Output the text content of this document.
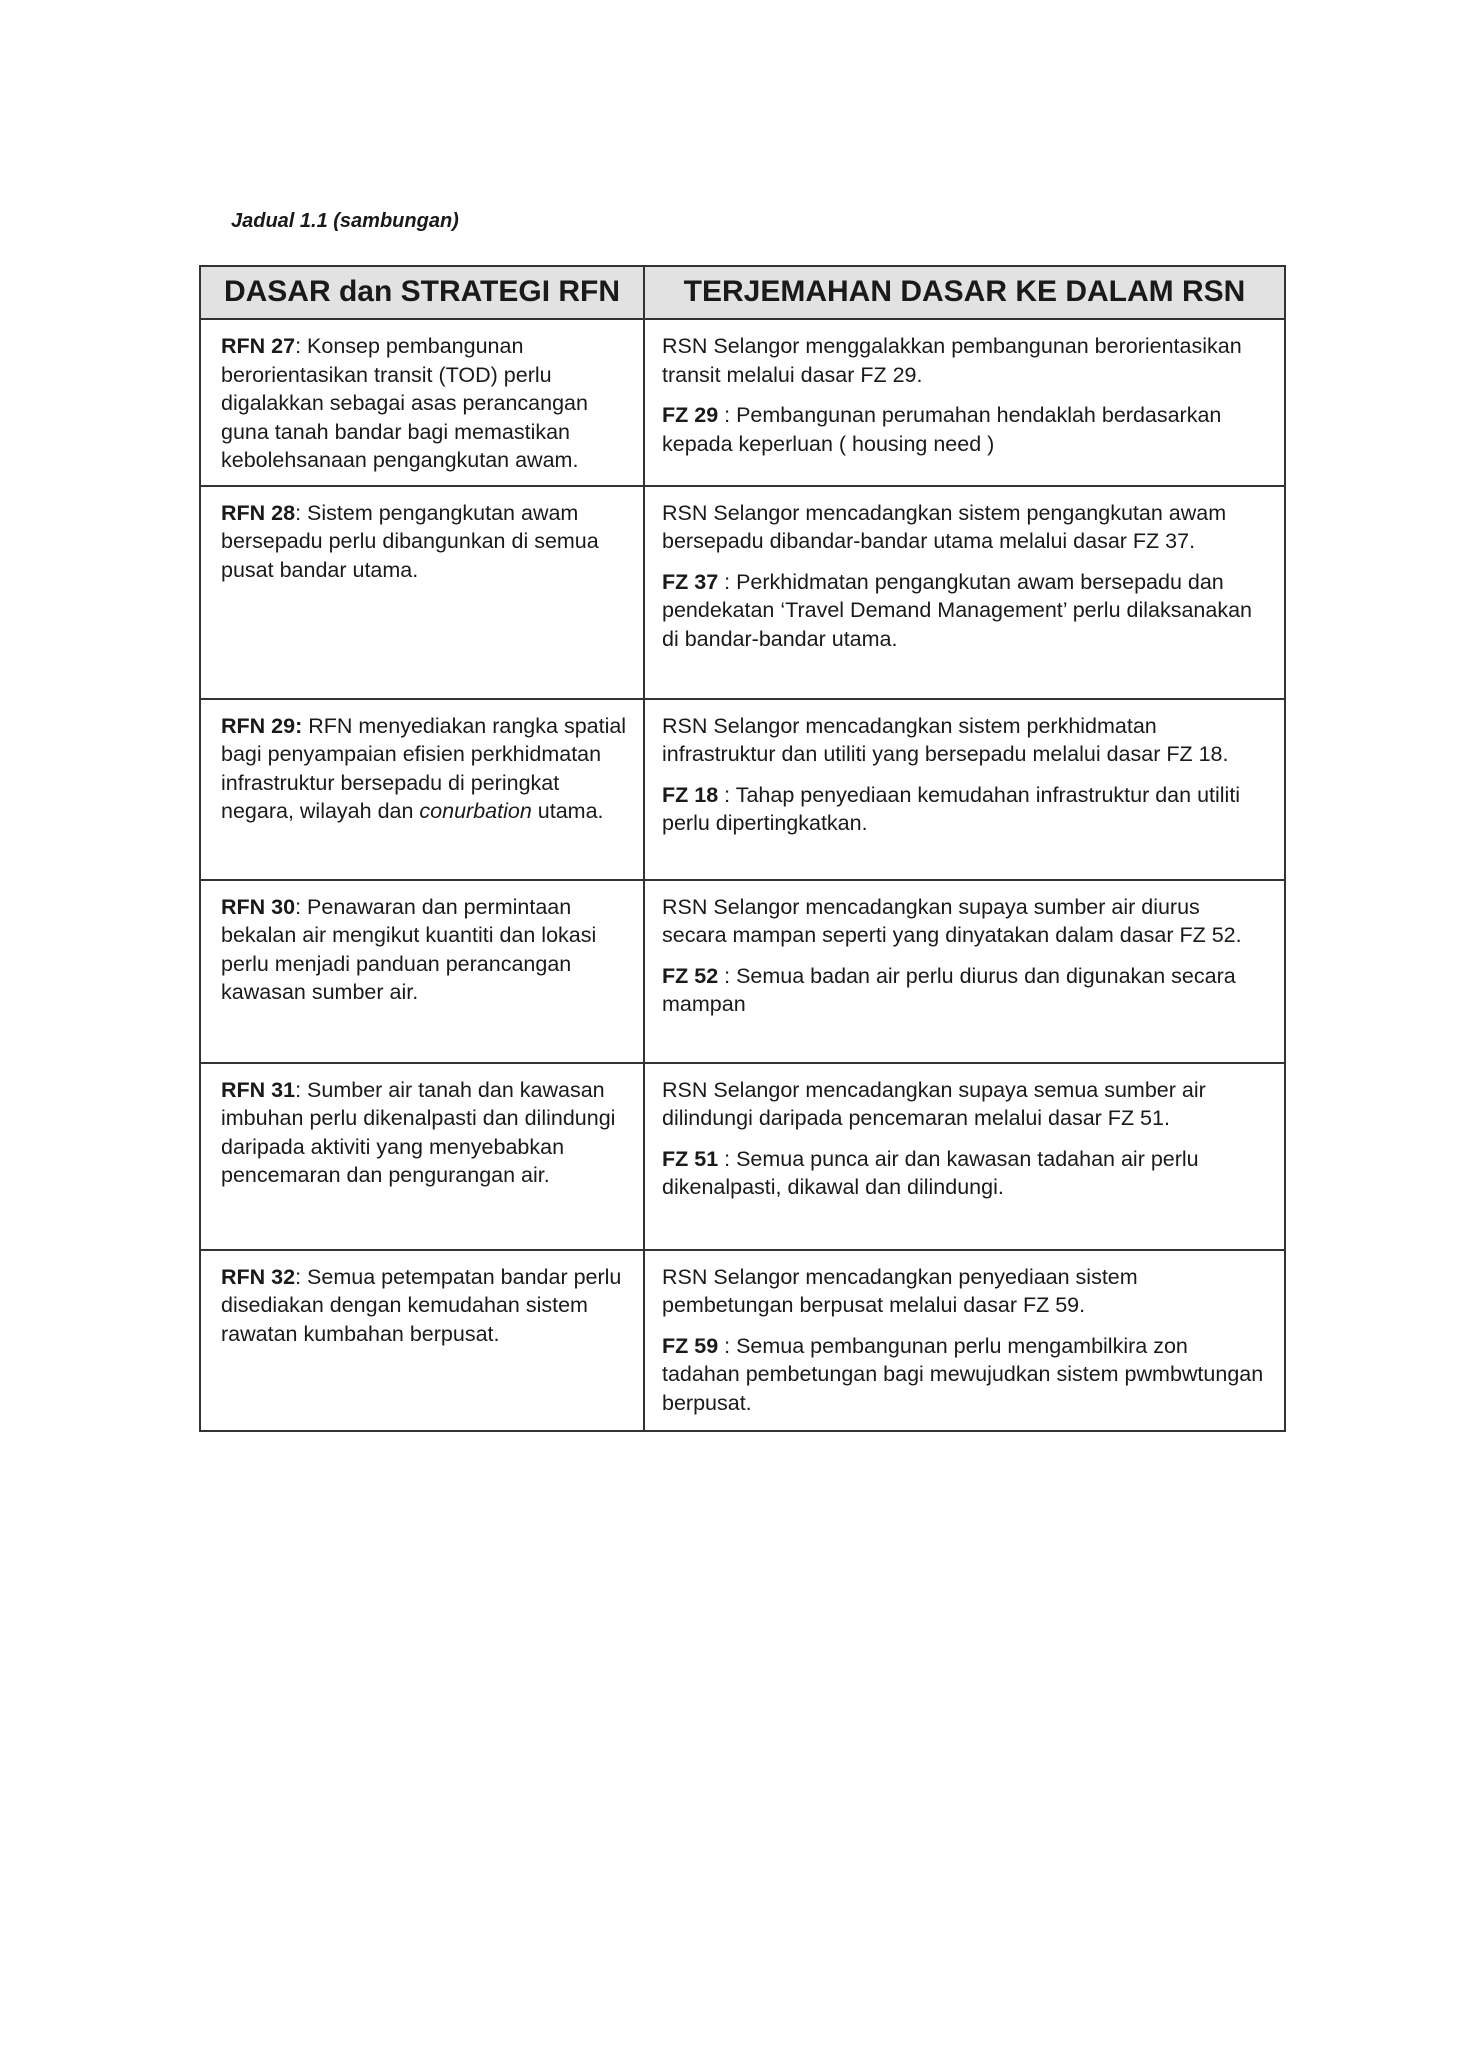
Jadual 1.1 (sambungan)
DASAR dan STRATEGI RFN	TERJEMAHAN DASAR KE DALAM RSN

RFN 27: Konsep pembangunan berorientasikan transit (TOD) perlu digalakkan sebagai asas perancangan guna tanah bandar bagi memastikan kebolehsanaan pengangkutan awam.	RSN Selangor menggalakkan pembangunan berorientasikan transit melalui dasar FZ 29.

FZ 29 : Pembangunan perumahan hendaklah berdasarkan kepada keperluan ( housing need )

RFN 28: Sistem pengangkutan awam bersepadu perlu dibangunkan di semua pusat bandar utama.	RSN Selangor mencadangkan sistem pengangkutan awam bersepadu dibandar-bandar utama melalui dasar FZ 37.

FZ 37 : Perkhidmatan pengangkutan awam bersepadu dan pendekatan ‘Travel Demand Management’ perlu dilaksanakan di bandar-bandar utama.

RFN 29: RFN menyediakan rangka spatial bagi penyampaian efisien perkhidmatan infrastruktur bersepadu di peringkat negara, wilayah dan conurbation utama.	RSN Selangor mencadangkan sistem perkhidmatan infrastruktur dan utiliti yang bersepadu melalui dasar FZ 18.

FZ 18 : Tahap penyediaan kemudahan infrastruktur dan utiliti perlu dipertingkatkan.

RFN 30: Penawaran dan permintaan bekalan air mengikut kuantiti dan lokasi perlu menjadi panduan perancangan kawasan sumber air.	RSN Selangor mencadangkan supaya sumber air diurus secara mampan seperti yang dinyatakan dalam dasar FZ 52.

FZ 52 : Semua badan air perlu diurus dan digunakan secara mampan

RFN 31: Sumber air tanah dan kawasan imbuhan perlu dikenalpasti dan dilindungi daripada aktiviti yang menyebabkan pencemaran dan pengurangan air.	RSN Selangor mencadangkan supaya semua sumber air dilindungi daripada pencemaran melalui dasar FZ 51.

FZ 51 : Semua punca air dan kawasan tadahan air perlu dikenalpasti, dikawal dan dilindungi.

RFN 32: Semua petempatan bandar perlu disediakan dengan kemudahan sistem rawatan kumbahan berpusat.	RSN Selangor mencadangkan penyediaan sistem pembetungan berpusat melalui dasar FZ 59.

FZ 59 : Semua pembangunan perlu mengambilkira zon tadahan pembetungan bagi mewujudkan sistem pwmbwtungan berpusat.
